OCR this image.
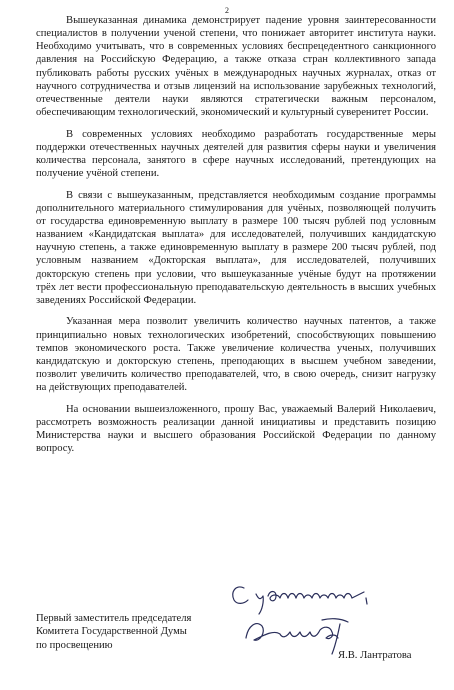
2

Вышеуказанная динамика демонстрирует падение уровня заинтересованности специалистов в получении ученой степени, что понижает авторитет института науки. Необходимо учитывать, что в современных условиях беспрецедентного санкционного давления на Российскую Федерацию, а также отказа стран коллективного запада публиковать работы русских учёных в международных научных журналах, отказ от научного сотрудничества и отзыв лицензий на использование зарубежных технологий, отечественные деятели науки являются стратегически важным персоналом, обеспечивающим технологический, экономический и культурный суверенитет России.

В современных условиях необходимо разработать государственные меры поддержки отечественных научных деятелей для развития сферы науки и увеличения количества персонала, занятого в сфере научных исследований, претендующих на получение учёной степени.

В связи с вышеуказанным, представляется необходимым создание программы дополнительного материального стимулирования для учёных, позволяющей получить от государства единовременную выплату в размере 100 тысяч рублей под условным названием «Кандидатская выплата» для исследователей, получивших кандидатскую научную степень, а также единовременную выплату в размере 200 тысяч рублей, под условным названием «Докторская выплата», для исследователей, получивших докторскую степень при условии, что вышеуказанные учёные будут на протяжении трёх лет вести профессиональную преподавательскую деятельность в высших учебных заведениях Российской Федерации.

Указанная мера позволит увеличить количество научных патентов, а также принципиально новых технологических изобретений, способствующих повышению темпов экономического роста. Также увеличение количества ученых, получивших кандидатскую и докторскую степень, преподающих в высшем учебном заведении, позволит увеличить количество преподавателей, что, в свою очередь, снизит нагрузку на действующих преподавателей.

На основании вышеизложенного, прошу Вас, уважаемый Валерий Николаевич, рассмотреть возможность реализации данной инициативы и представить позицию Министерства науки и высшего образования Российской Федерации по данному вопросу.

Первый заместитель председателя
Комитета Государственной Думы
по просвещению
Я.В. Лантратова
